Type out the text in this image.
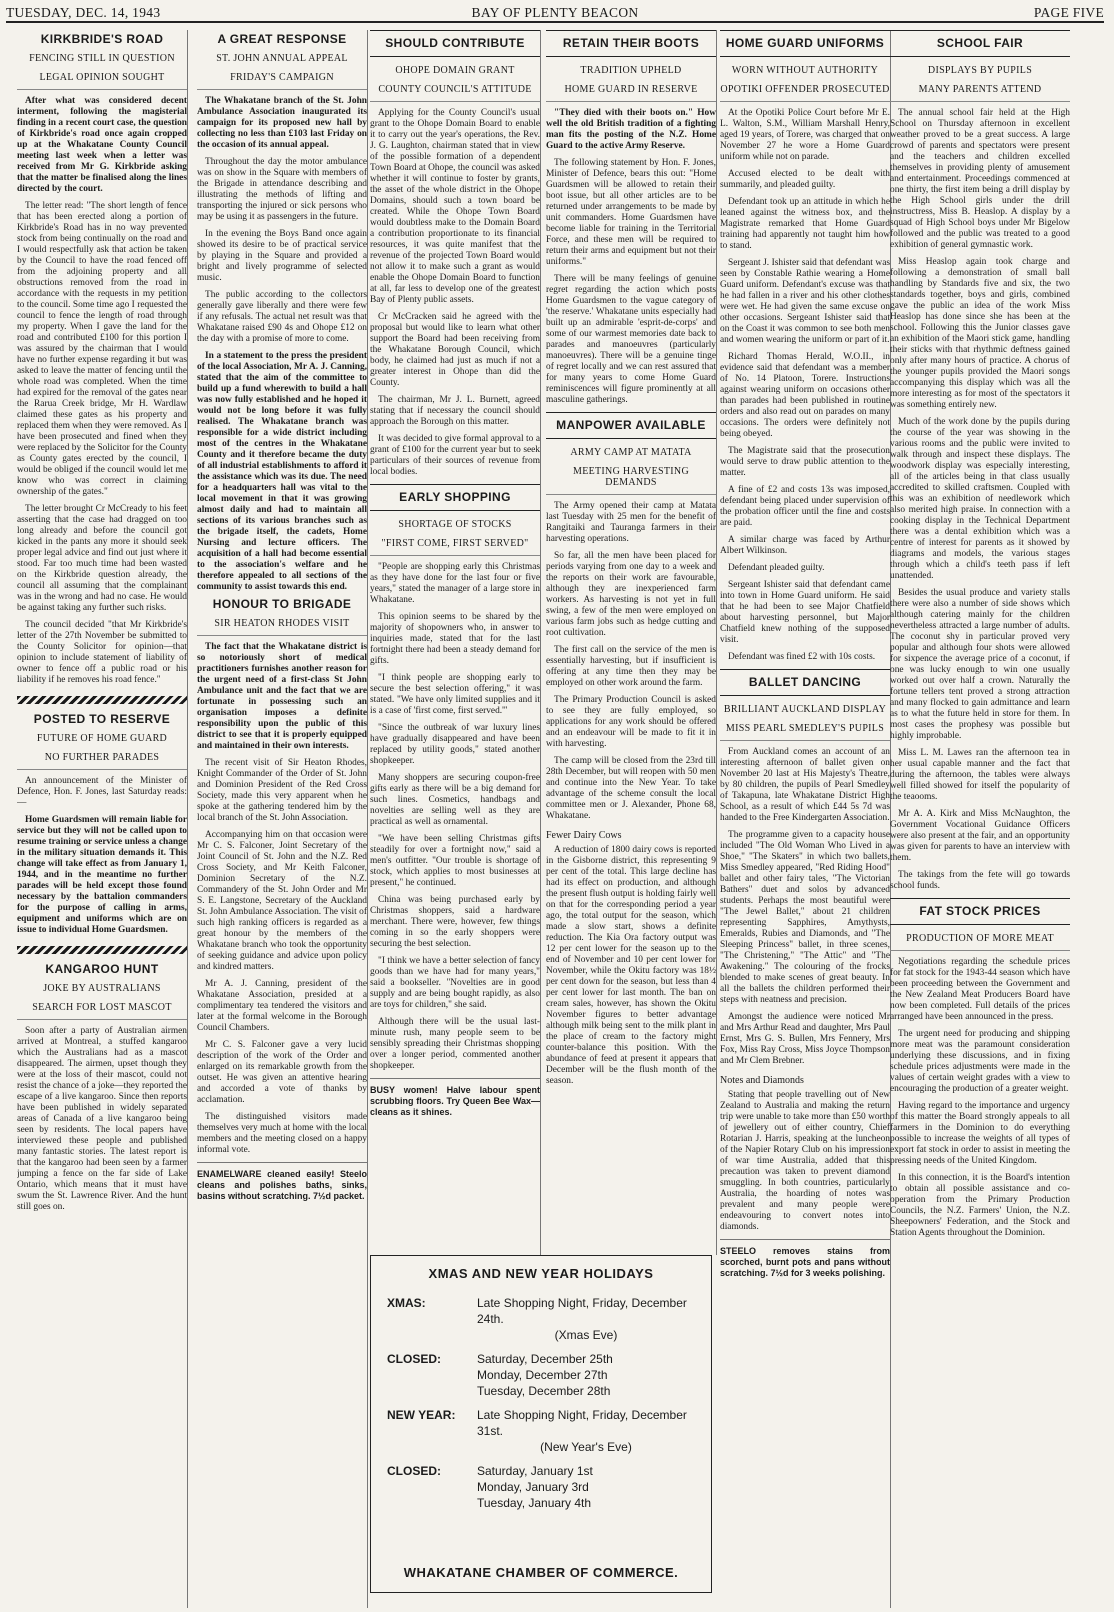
TUESDAY, DEC. 14, 1943	BAY OF PLENTY BEACON	PAGE FIVE
KIRKBRIDE'S ROAD
FENCING STILL IN QUESTION
LEGAL OPINION SOUGHT

After what was considered decent interment, following the magisterial finding in a recent court case, the question of Kirkbride's road once again cropped up at the Whakatane County Council meeting last week when a letter was received from Mr G. Kirkbride asking that the matter be finalised along the lines directed by the court.

The letter read: "The short length of fence that has been erected along a portion of Kirkbride's Road has in no way prevented stock from being continually on the road and I would respectfully ask that action be taken by the Council to have the road fenced off from the adjoining property and all obstructions removed from the road in accordance with the requests in my petition to the council. Some time ago I requested the council to fence the length of road through my property. When I gave the land for the road and contributed £100 for this portion I was assured by the chairman that I would have no further expense regarding it but was asked to leave the matter of fencing until the whole road was completed. When the time had expired for the removal of the gates near the Rarua Creek bridge, Mr H. Wardlaw claimed these gates as his property and replaced them when they were removed. As I have been prosecuted and fined when they were replaced by the Solicitor for the County as County gates erected by the council, I would be obliged if the council would let me know who was correct in claiming ownership of the gates."

The letter brought Cr McCready to his feet asserting that the case had dragged on too long already and before the council got kicked in the pants any more it should seek proper legal advice and find out just where it stood. Far too much time had been wasted on the Kirkbride question already, the council all assuming that the complainant was in the wrong and had no case. He would be against taking any further such risks.

The council decided "that Mr Kirkbride's letter of the 27th November be submitted to the County Solicitor for opinion—that opinion to include statement of liability of owner to fence off a public road or his liability if he removes his road fence."

POSTED TO RESERVE
FUTURE OF HOME GUARD
NO FURTHER PARADES

An announcement of the Minister of Defence, Hon. F. Jones, last Saturday reads:—

Home Guardsmen will remain liable for service but they will not be called upon to resume training or service unless a change in the military situation demands it. This change will take effect as from January 1, 1944, and in the meantime no further parades will be held except those found necessary by the battalion commanders for the purpose of calling in arms, equipment and uniforms which are on issue to individual Home Guardsmen.

KANGAROO HUNT
JOKE BY AUSTRALIANS
SEARCH FOR LOST MASCOT

Soon after a party of Australian airmen arrived at Montreal, a stuffed kangaroo which the Australians had as a mascot disappeared. The airmen, upset though they were at the loss of their mascot, could not resist the chance of a joke—they reported the escape of a live kangaroo. Since then reports have been published in widely separated areas of Canada of a live kangaroo being seen by residents. The local papers have interviewed these people and published many fantastic stories. The latest report is that the kangaroo had been seen by a farmer jumping a fence on the far side of Lake Ontario, which means that it must have swum the St. Lawrence River. And the hunt still goes on.

A GREAT RESPONSE
ST. JOHN ANNUAL APPEAL
FRIDAY'S CAMPAIGN

The Whakatane branch of the St. John Ambulance Association inaugurated its campaign for its proposed new hall by collecting no less than £103 last Friday on the occasion of its annual appeal.

Throughout the day the motor ambulance was on show in the Square with members of the Brigade in attendance describing and illustrating the methods of lifting and transporting the injured or sick persons who may be using it as passengers in the future.

In the evening the Boys Band once again showed its desire to be of practical service by playing in the Square and provided a bright and lively programme of selected music.

The public according to the collectors generally gave liberally and there were few if any refusals. The actual net result was that Whakatane raised £90 4s and Ohope £12 on the day with a promise of more to come.

In a statement to the press the president of the local Association, Mr A. J. Canning, stated that the aim of the committee to build up a fund wherewith to build a hall was now fully established and he hoped it would not be long before it was fully realised. The Whakatane branch was responsible for a wide district including most of the centres in the Whakatane County and it therefore became the duty of all industrial establishments to afford it the assistance which was its due. The need for a headquarters hall was vital to the local movement in that it was growing almost daily and had to maintain all sections of its various branches such as the brigade itself, the cadets, Home Nursing and lecture officers. The acquisition of a hall had become essential to the association's welfare and he therefore appealed to all sections of the community to assist towards this end.

HONOUR TO BRIGADE
SIR HEATON RHODES VISIT

The fact that the Whakatane district is so notoriously short of medical practitioners furnishes another reason for the urgent need of a first-class St John Ambulance unit and the fact that we are fortunate in possessing such an organisation imposes a definite responsibility upon the public of this district to see that it is properly equipped and maintained in their own interests.

The recent visit of Sir Heaton Rhodes, Knight Commander of the Order of St. John and Dominion President of the Red Cross Society, made this very apparent when he spoke at the gathering tendered him by the local branch of the St. John Association.

Accompanying him on that occasion were Mr C. S. Falconer, Joint Secretary of the Joint Council of St. John and the N.Z. Red Cross Society, and Mr Keith Falconer, Dominion Secretary of the N.Z. Commandery of the St. John Order and Mr S. E. Langstone, Secretary of the Auckland St. John Ambulance Association. The visit of such high ranking officers is regarded as a great honour by the members of the Whakatane branch who took the opportunity of seeking guidance and advice upon policy and kindred matters.

Mr A. J. Canning, president of the Whakatane Association, presided at a complimentary tea tendered the visitors and later at the formal welcome in the Borough Council Chambers.

Mr C. S. Falconer gave a very lucid description of the work of the Order and enlarged on its remarkable growth from the outset. He was given an attentive hearing and accorded a vote of thanks by acclamation.

The distinguished visitors made themselves very much at home with the local members and the meeting closed on a happy informal vote.

ENAMELWARE cleaned easily! Steelo cleans and polishes baths, sinks, basins without scratching. 7½d packet.

SHOULD CONTRIBUTE
OHOPE DOMAIN GRANT
COUNTY COUNCIL'S ATTITUDE

Applying for the County Council's usual grant to the Ohope Domain Board to enable it to carry out the year's operations, the Rev. J. G. Laughton, chairman stated that in view of the possible formation of a dependent Town Board at Ohope, the council was asked whether it will continue to foster by grants, the asset of the whole district in the Ohope Domains, should such a town board be created. While the Ohope Town Board would doubtless make to the Domain Board a contribution proportionate to its financial resources, it was quite manifest that the revenue of the projected Town Board would not allow it to make such a grant as would enable the Ohope Domain Board to function at all, far less to develop one of the greatest Bay of Plenty public assets.

Cr McCracken said he agreed with the proposal but would like to learn what other support the Board had been receiving from the Whakatane Borough Council, which body, he claimed had just as much if not a greater interest in Ohope than did the County.

The chairman, Mr J. L. Burnett, agreed stating that if necessary the council should approach the Borough on this matter.

It was decided to give formal approval to a grant of £100 for the current year but to seek particulars of their sources of revenue from local bodies.

EARLY SHOPPING
SHORTAGE OF STOCKS
"FIRST COME, FIRST SERVED"

"People are shopping early this Christmas as they have done for the last four or five years," stated the manager of a large store in Whakatane.

This opinion seems to be shared by the majority of shopowners who, in answer to inquiries made, stated that for the last fortnight there had been a steady demand for gifts.

"I think people are shopping early to secure the best selection offering," it was stated. "We have only limited supplies and it is a case of 'first come, first served.'"

"Since the outbreak of war luxury lines have gradually disappeared and have been replaced by utility goods," stated another shopkeeper.

Many shoppers are securing coupon-free gifts early as there will be a big demand for such lines. Cosmetics, handbags and novelties are selling well as they are practical as well as ornamental.

"We have been selling Christmas gifts steadily for over a fortnight now," said a men's outfitter. "Our trouble is shortage of stock, which applies to most businesses at present," he continued.

China was being purchased early by Christmas shoppers, said a hardware merchant. There were, however, few things coming in so the early shoppers were securing the best selection.

"I think we have a better selection of fancy goods than we have had for many years," said a bookseller. "Novelties are in good supply and are being bought rapidly, as also are toys for children," she said.

Although there will be the usual last-minute rush, many people seem to be sensibly spreading their Christmas shopping over a longer period, commented another shopkeeper.

BUSY women! Halve labour spent scrubbing floors. Try Queen Bee Wax—cleans as it shines.

RETAIN THEIR BOOTS
TRADITION UPHELD
HOME GUARD IN RESERVE

"They died with their boots on." How well the old British tradition of a fighting man fits the posting of the N.Z. Home Guard to the active Army Reserve.

The following statement by Hon. F. Jones, Minister of Defence, bears this out: "Home Guardsmen will be allowed to retain their boot issue, but all other articles are to be returned under arrangements to be made by unit commanders. Home Guardsmen have become liable for training in the Territorial Force, and these men will be required to return their arms and equipment but not their uniforms."

There will be many feelings of genuine regret regarding the action which posts Home Guardsmen to the vague category of 'the reserve.' Whakatane units especially had built up an admirable 'esprit-de-corps' and some of our warmest memories date back to parades and manoeuvres (particularly manoeuvres). There will be a genuine tinge of regret locally and we can rest assured that for many years to come Home Guard reminiscences will figure prominently at all masculine gatherings.

MANPOWER AVAILABLE
ARMY CAMP AT MATATA
MEETING HARVESTING DEMANDS

The Army opened their camp at Matata last Tuesday with 25 men for the benefit of Rangitaiki and Tauranga farmers in their harvesting operations.

So far, all the men have been placed for periods varying from one day to a week and the reports on their work are favourable, although they are inexperienced farm workers. As harvesting is not yet in full swing, a few of the men were employed on various farm jobs such as hedge cutting and root cultivation.

The first call on the service of the men is essentially harvesting, but if insufficient is offering at any time then they may be employed on other work around the farm.

The Primary Production Council is asked to see they are fully employed, so applications for any work should be offered and an endeavour will be made to fit it in with harvesting.

The camp will be closed from the 23rd till 28th December, but will reopen with 50 men and continue into the New Year. To take advantage of the scheme consult the local committee men or J. Alexander, Phone 68, Whakatane.

Fewer Dairy Cows

A reduction of 1800 dairy cows is reported in the Gisborne district, this representing 9 per cent of the total. This large decline has had its effect on production, and although the present flush output is holding fairly well on that for the corresponding period a year ago, the total output for the season, which made a slow start, shows a definite reduction. The Kia Ora factory output was 12 per cent lower for the season up to the end of November and 10 per cent lower for November, while the Okitu factory was 18½ per cent down for the season, but less than 4 per cent lower for last month. The ban on cream sales, however, has shown the Okitu November figures to better advantage although milk being sent to the milk plant in the place of cream to the factory might counter-balance this position. With the abundance of feed at present it appears that December will be the flush month of the season.

HOME GUARD UNIFORMS
WORN WITHOUT AUTHORITY
OPOTIKI OFFENDER PROSECUTED

At the Opotiki Police Court before Mr E. L. Walton, S.M., William Marshall Henry, aged 19 years, of Torere, was charged that on November 27 he wore a Home Guard uniform while not on parade.

Accused elected to be dealt with summarily, and pleaded guilty.

Defendant took up an attitude in which he leaned against the witness box, and the Magistrate remarked that Home Guard training had apparently not taught him how to stand.

Sergeant J. Ishister said that defendant was seen by Constable Rathie wearing a Home Guard uniform. Defendant's excuse was that he had fallen in a river and his other clothes were wet. He had given the same excuse on other occasions. Sergeant Ishister said that on the Coast it was common to see both men and women wearing the uniform or part of it.

Richard Thomas Herald, W.O.II., in evidence said that defendant was a member of No. 14 Platoon, Torere. Instructions against wearing uniform on occasions other than parades had been published in routine orders and also read out on parades on many occasions. The orders were definitely not being obeyed.

The Magistrate said that the prosecution would serve to draw public attention to the matter.

A fine of £2 and costs 13s was imposed, defendant being placed under supervision of the probation officer until the fine and costs are paid.

A similar charge was faced by Arthur Albert Wilkinson.

Defendant pleaded guilty.

Sergeant Ishister said that defendant came into town in Home Guard uniform. He said that he had been to see Major Chatfield about harvesting personnel, but Major Chatfield knew nothing of the supposed visit.

Defendant was fined £2 with 10s costs.

BALLET DANCING
BRILLIANT AUCKLAND DISPLAY
MISS PEARL SMEDLEY'S PUPILS

From Auckland comes an account of an interesting afternoon of ballet given on November 20 last at His Majesty's Theatre, by 80 children, the pupils of Pearl Smedley of Takapuna, late Whakatane District High School, as a result of which £44 5s 7d was handed to the Free Kindergarten Association.

The programme given to a capacity house included "The Old Woman Who Lived in a Shoe," "The Skaters" in which two ballets, Miss Smedley appeared, "Red Riding Hood" ballet and other fairy tales, "The Victorian Bathers" duet and solos by advanced students. Perhaps the most beautiful were "The Jewel Ballet," about 21 children representing Sapphires, Amythysts, Emeralds, Rubies and Diamonds, and "The Sleeping Princess" ballet, in three scenes, "The Christening," "The Attic" and "The Awakening." The colouring of the frocks blended to make scenes of great beauty. In all the ballets the children performed their steps with neatness and precision.

Amongst the audience were noticed Mr and Mrs Arthur Read and daughter, Mrs Paul Ernst, Mrs G. S. Bullen, Mrs Fennery, Mrs Fox, Miss Ray Cross, Miss Joyce Thompson and Mr Clem Brebner.

Notes and Diamonds

Stating that people travelling out of New Zealand to Australia and making the return trip were unable to take more than £50 worth of jewellery out of either country, Chief Rotarian J. Harris, speaking at the luncheon of the Napier Rotary Club on his impression of war time Australia, added that this precaution was taken to prevent diamond smuggling. In both countries, particularly Australia, the hoarding of notes was prevalent and many people were endeavouring to convert notes into diamonds.

STEELO removes stains from scorched, burnt pots and pans without scratching. 7½d for 3 weeks polishing.

SCHOOL FAIR
DISPLAYS BY PUPILS
MANY PARENTS ATTEND

The annual school fair held at the High School on Thursday afternoon in excellent weather proved to be a great success. A large crowd of parents and spectators were present and the teachers and children excelled themselves in providing plenty of amusement and entertainment. Proceedings commenced at one thirty, the first item being a drill display by the High School girls under the drill instructress, Miss B. Heaslop. A display by a squad of High School boys under Mr Bigelow followed and the public was treated to a good exhibition of general gymnastic work.

Miss Heaslop again took charge and following a demonstration of small ball handling by Standards five and six, the two standards together, boys and girls, combined gave the public an idea of the work Miss Heaslop has done since she has been at the school. Following this the Junior classes gave an exhibition of the Maori stick game, handling their sticks with that rhythmic deftness gained only after many hours of practice. A chorus of the younger pupils provided the Maori songs accompanying this display which was all the more interesting as for most of the spectators it was something entirely new.

Much of the work done by the pupils during the course of the year was showing in the various rooms and the public were invited to walk through and inspect these displays. The woodwork display was especially interesting, all of the articles being in that class usually accredited to skilled craftsmen. Coupled with this was an exhibition of needlework which also merited high praise. In connection with a cooking display in the Technical Department there was a dental exhibition which was a centre of interest for parents as it showed by diagrams and models, the various stages through which a child's teeth pass if left unattended.

Besides the usual produce and variety stalls there were also a number of side shows which although catering mainly for the children nevertheless attracted a large number of adults. The coconut shy in particular proved very popular and although four shots were allowed for sixpence the average price of a coconut, if one was lucky enough to win one usually worked out over half a crown. Naturally the fortune tellers tent proved a strong attraction and many flocked to gain admittance and learn as to what the future held in store for them. In most cases the prophesy was possible but highly improbable.

Miss L. M. Lawes ran the afternoon tea in her usual capable manner and the fact that during the afternoon, the tables were always well filled showed for itself the popularity of the teaooms.

Mr A. A. Kirk and Miss McNaughton, the Government Vocational Guidance Officers were also present at the fair, and an opportunity was given for parents to have an interview with them.

The takings from the fete will go towards school funds.

FAT STOCK PRICES
PRODUCTION OF MORE MEAT

Negotiations regarding the schedule prices for fat stock for the 1943-44 season which have been proceeding between the Government and the New Zealand Meat Producers Board have now been completed. Full details of the prices arranged have been announced in the press.

The urgent need for producing and shipping more meat was the paramount consideration underlying these discussions, and in fixing schedule prices adjustments were made in the values of certain weight grades with a view to encouraging the production of a greater weight.

Having regard to the importance and urgency of this matter the Board strongly appeals to all farmers in the Dominion to do everything possible to increase the weights of all types of export fat stock in order to assist in meeting the pressing needs of the United Kingdom.

In this connection, it is the Board's intention to obtain all possible assistance and co-operation from the Primary Production Councils, the N.Z. Farmers' Union, the N.Z. Sheepowners' Federation, and the Stock and Station Agents throughout the Dominion.

XMAS AND NEW YEAR HOLIDAYS
XMAS:	Late Shopping Night, Friday, December 24th.
(Xmas Eve)
CLOSED:	Saturday, December 25th
Monday, December 27th
Tuesday, December 28th
NEW YEAR:	Late Shopping Night, Friday, December 31st.
(New Year's Eve)
CLOSED:	Saturday, January 1st
Monday, January 3rd
Tuesday, January 4th
WHAKATANE CHAMBER OF COMMERCE.
